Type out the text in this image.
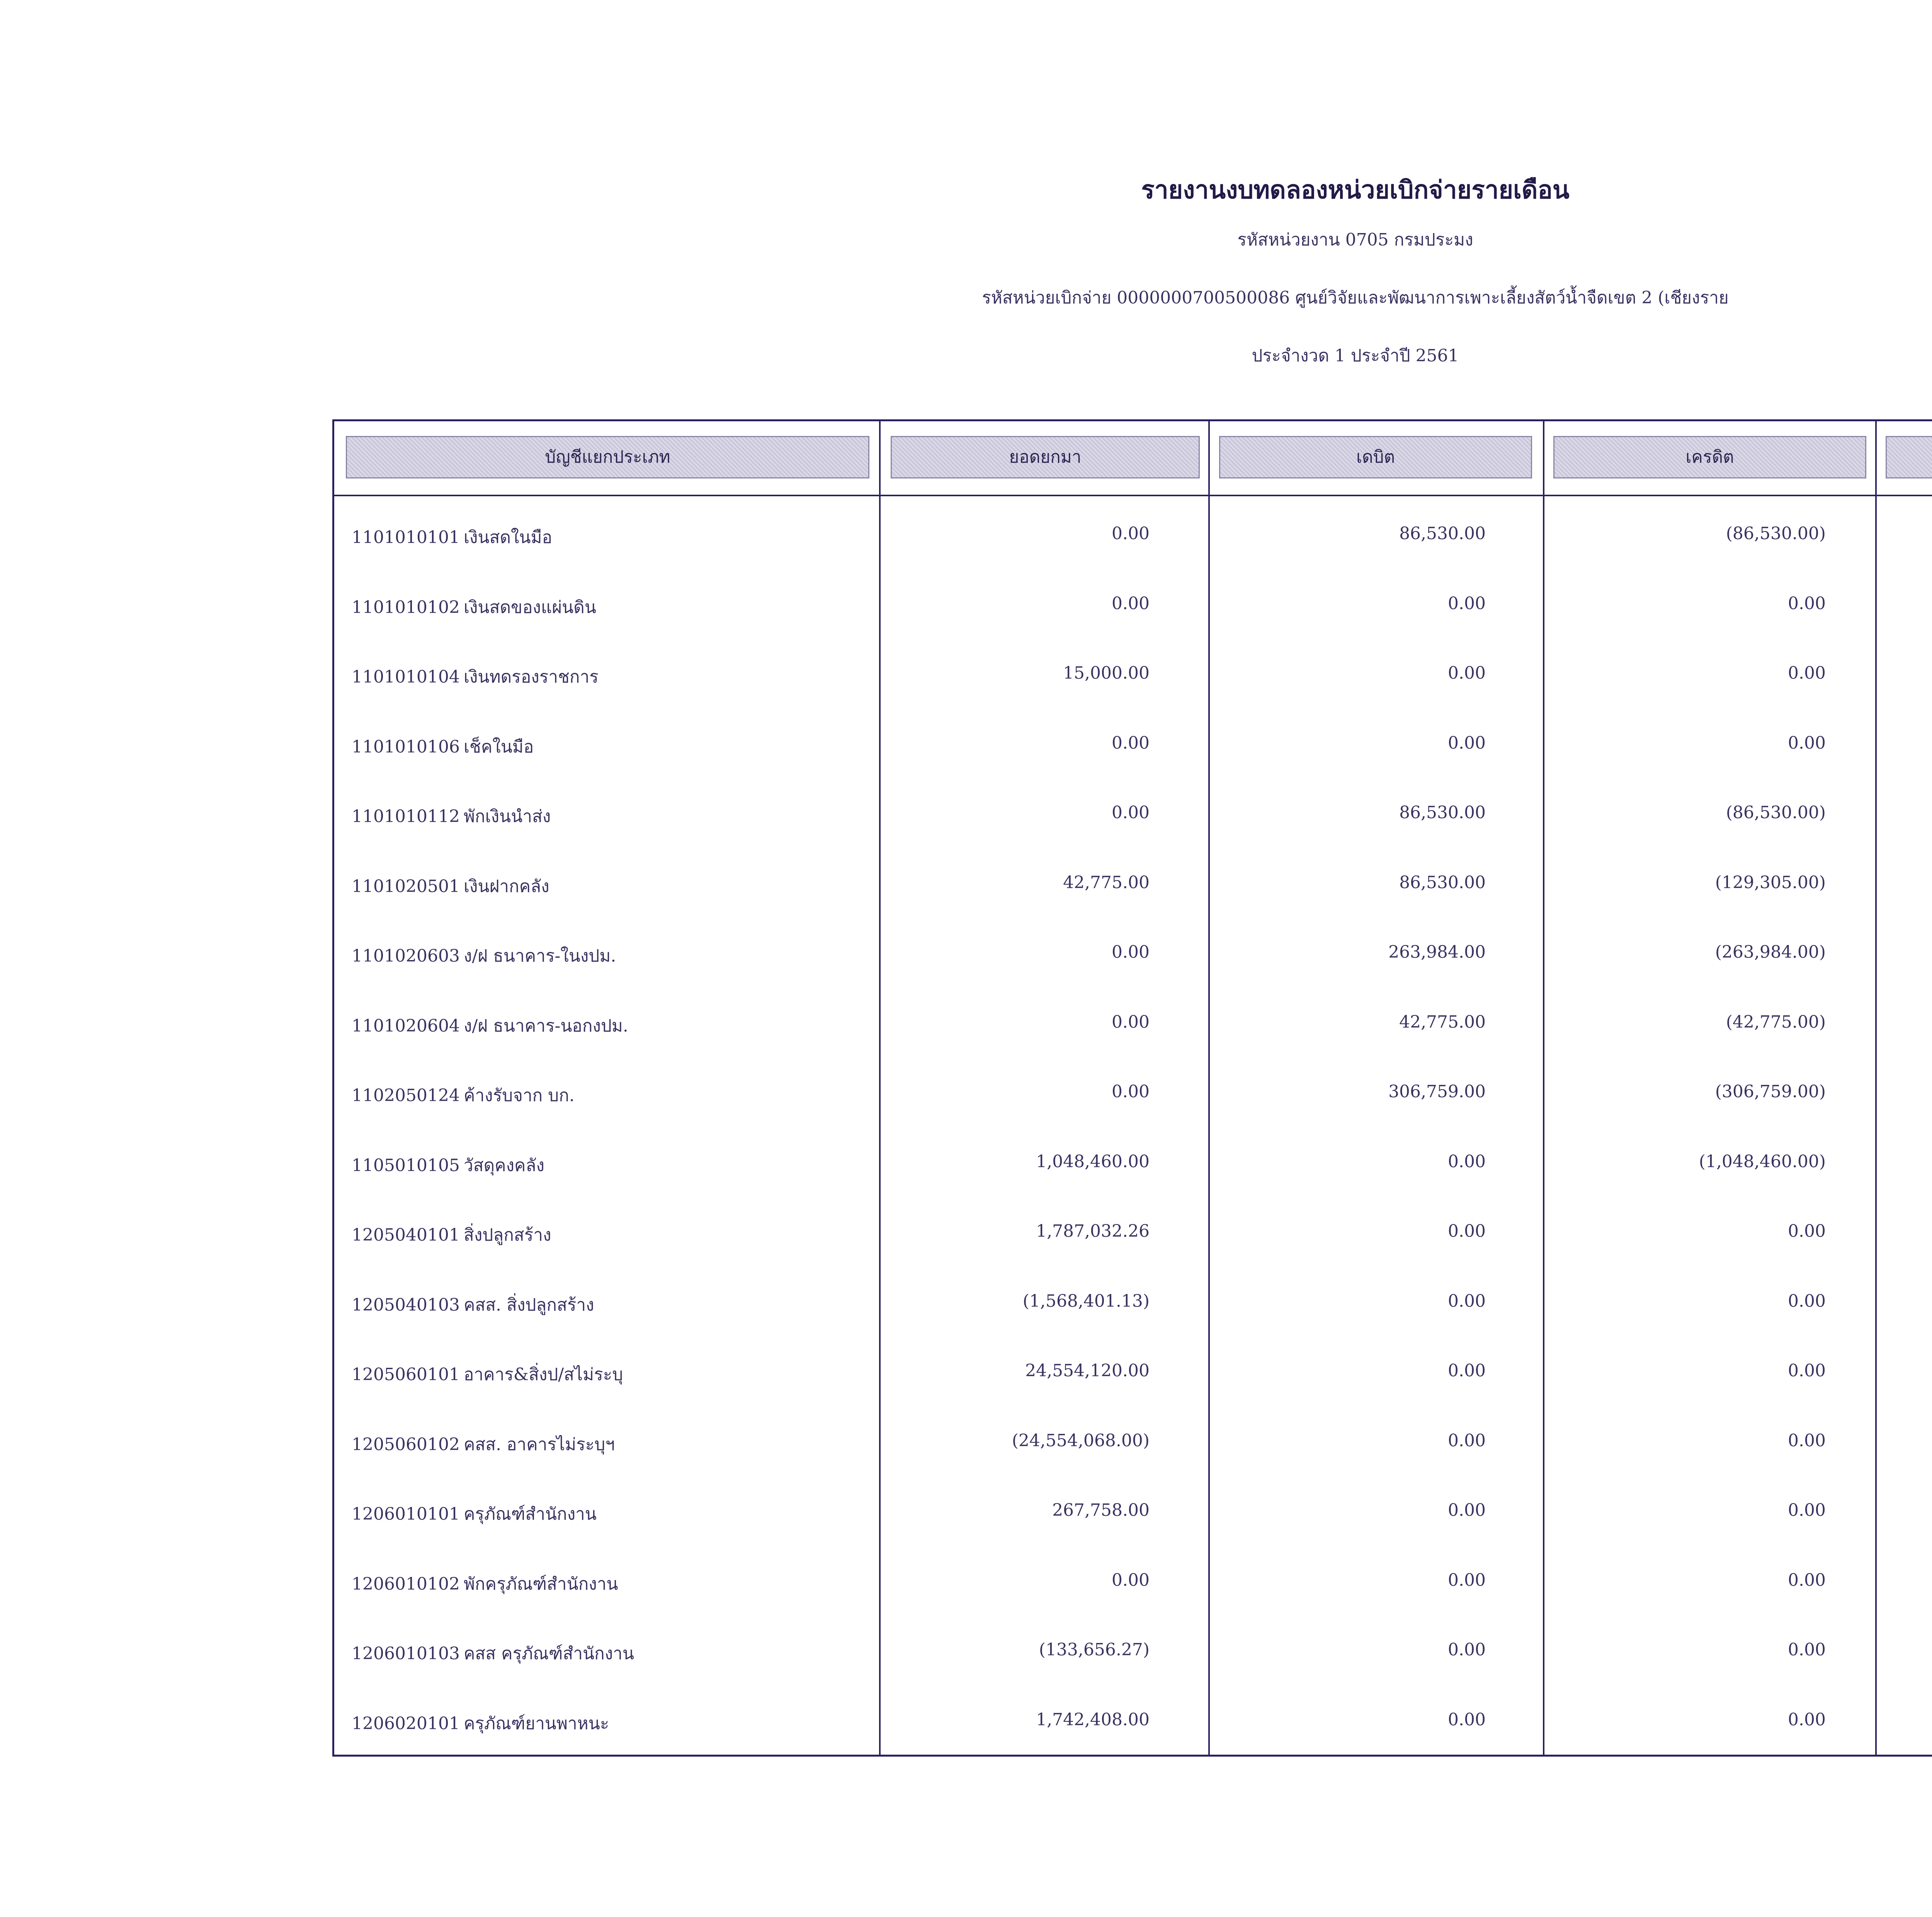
รายงานงบทดลองหน่วยเบิกจ่ายรายเดือน
รหัสหน่วยงาน 0705 กรมประมง
รหัสหน่วยเบิกจ่าย 0000000700500086 ศูนย์วิจัยและพัฒนาการเพาะเลี้ยงสัตว์น้ำจืดเขต 2 (เชียงราย
ประจำงวด 1 ประจำปี 2561
บัญชีแยกประเภท	ยอดยกมา	เดบิต	เครดิต
1101010101 เงินสดในมือ	0.00	86,530.00	(86,530.00)
1101010102 เงินสดของแผ่นดิน	0.00	0.00	0.00
1101010104 เงินทดรองราชการ	15,000.00	0.00	0.00
1101010106 เช็คในมือ	0.00	0.00	0.00
1101010112 พักเงินนำส่ง	0.00	86,530.00	(86,530.00)
1101020501 เงินฝากคลัง	42,775.00	86,530.00	(129,305.00)
1101020603 ง/ฝ ธนาคาร-ในงปม.	0.00	263,984.00	(263,984.00)
1101020604 ง/ฝ ธนาคาร-นอกงปม.	0.00	42,775.00	(42,775.00)
1102050124 ค้างรับจาก บก.	0.00	306,759.00	(306,759.00)
1105010105 วัสดุคงคลัง	1,048,460.00	0.00	(1,048,460.00)
1205040101 สิ่งปลูกสร้าง	1,787,032.26	0.00	0.00
1205040103 คสส. สิ่งปลูกสร้าง	(1,568,401.13)	0.00	0.00
1205060101 อาคาร&สิ่งป/สไม่ระบุ	24,554,120.00	0.00	0.00
1205060102 คสส. อาคารไม่ระบุฯ	(24,554,068.00)	0.00	0.00
1206010101 ครุภัณฑ์สำนักงาน	267,758.00	0.00	0.00
1206010102 พักครุภัณฑ์สำนักงาน	0.00	0.00	0.00
1206010103 คสส ครุภัณฑ์สำนักงาน	(133,656.27)	0.00	0.00
1206020101 ครุภัณฑ์ยานพาหนะ	1,742,408.00	0.00	0.00
